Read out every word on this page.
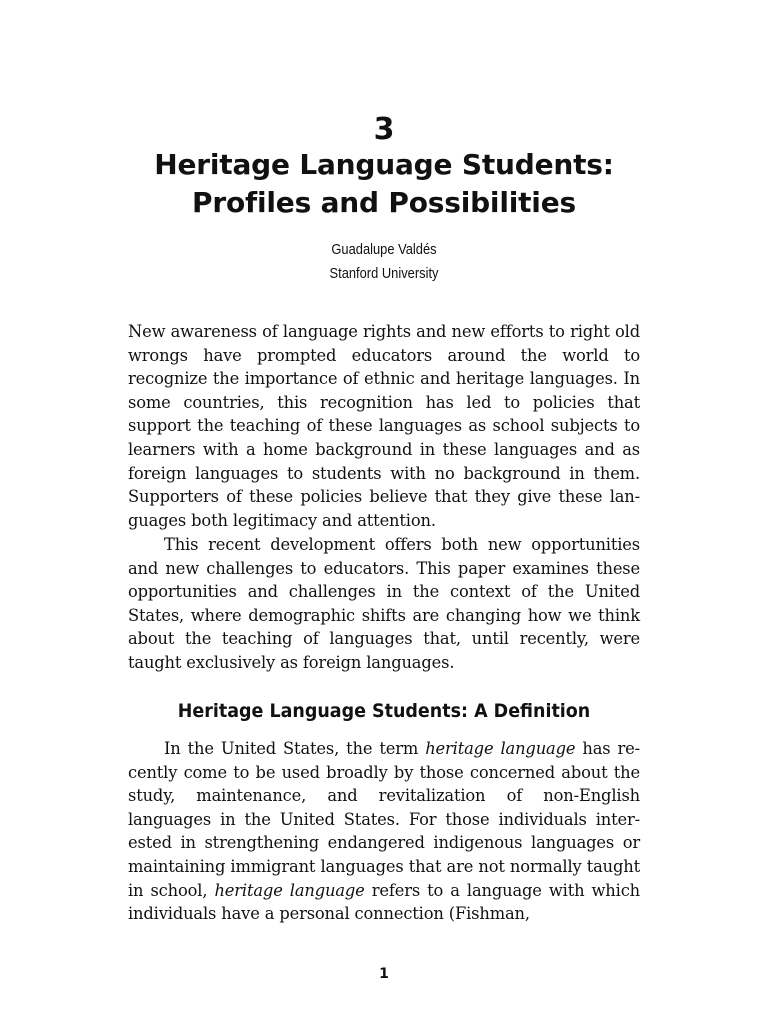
3
Heritage Language Students:
Profiles and Possibilities
Guadalupe Valdés
Stanford University

New awareness of language rights and new efforts to right old wrongs have prompted educators around the world to recognize the importance of ethnic and heritage languages. In some countries, this recognition has led to policies that support the teaching of these languages as school subjects to learners with a home background in these languages and as foreign languages to students with no background in them. Supporters of these policies believe that they give these lan-guages both legitimacy and attention.

This recent development offers both new opportunities and new challenges to educators. This paper examines these opportunities and challenges in the context of the United States, where demographic shifts are changing how we think about the teaching of languages that, until recently, were taught exclusively as foreign languages.

Heritage Language Students: A Definition

In the United States, the term heritage language has re-cently come to be used broadly by those concerned about the study, maintenance, and revitalization of non-English languages in the United States. For those individuals inter-ested in strengthening endangered indigenous languages or maintaining immigrant languages that are not normally taught in school, heritage language refers to a language with which individuals have a personal connection (Fishman,

1
